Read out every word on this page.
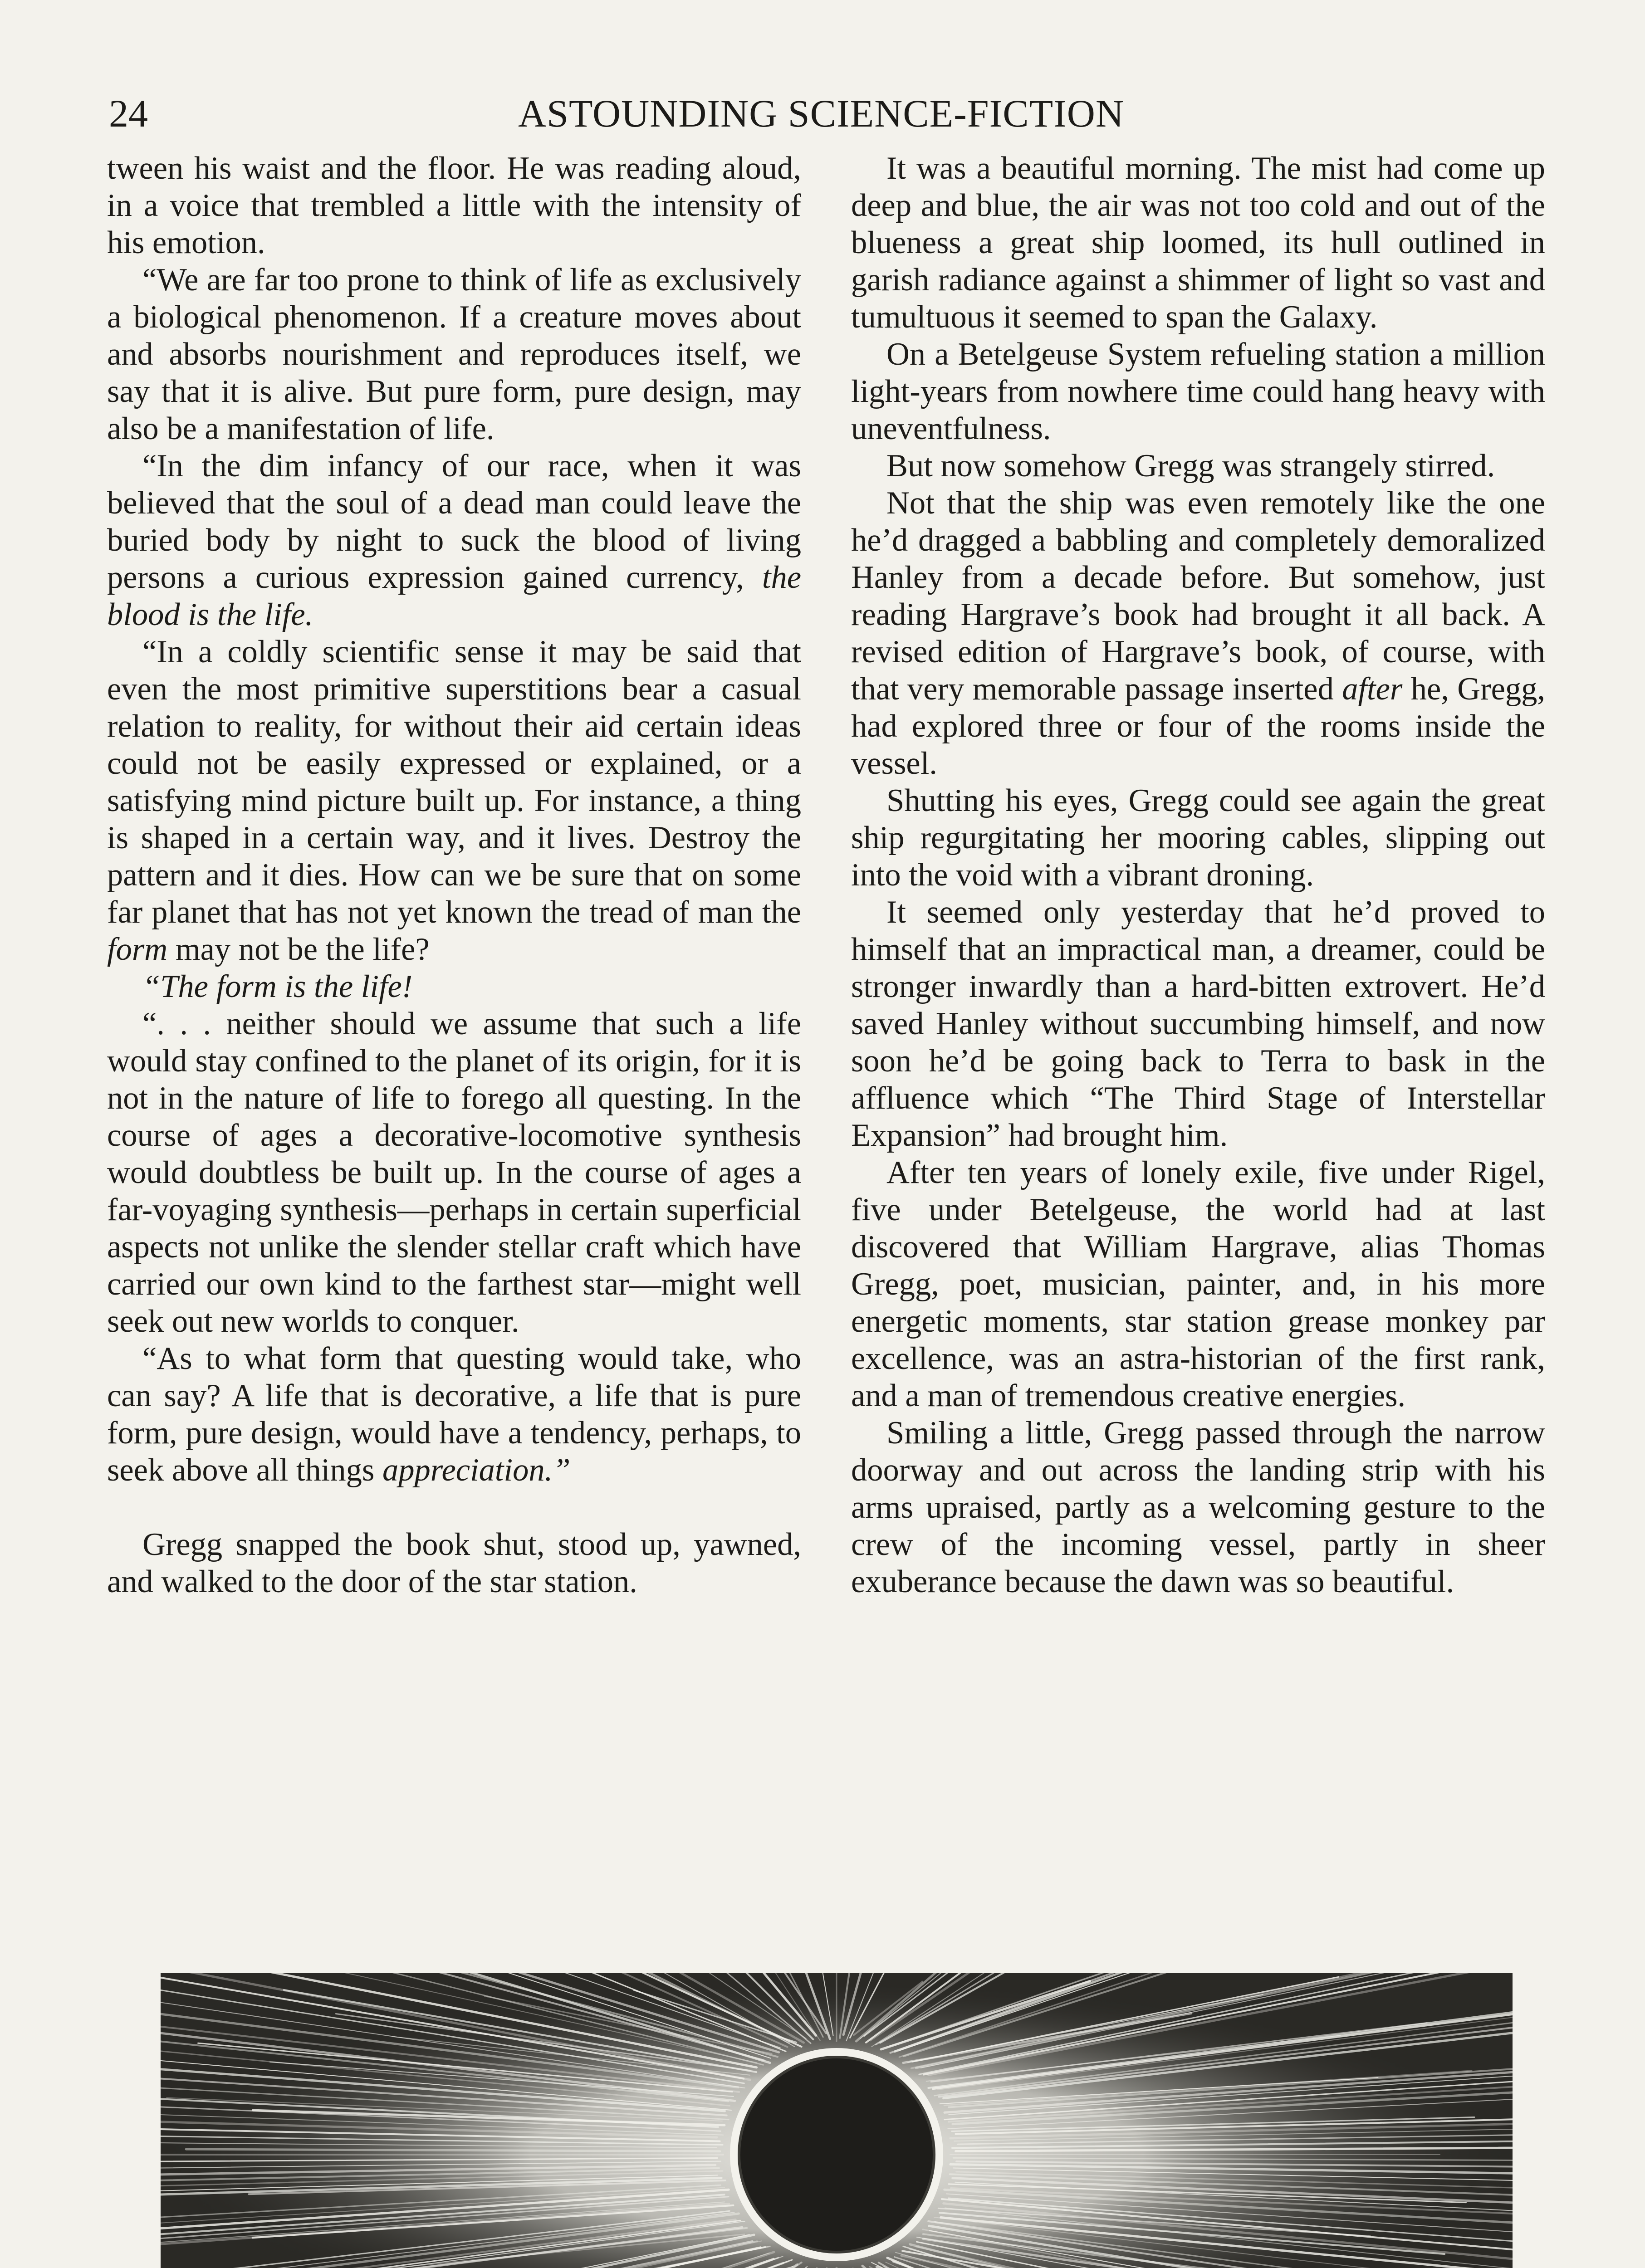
24	ASTOUNDING SCIENCE-FICTION

tween his waist and the floor. He was reading aloud, in a voice that trembled a little with the intensity of his emotion.

“We are far too prone to think of life as exclusively a biological phenomenon. If a creature moves about and absorbs nourishment and reproduces itself, we say that it is alive. But pure form, pure design, may also be a manifestation of life.

“In the dim infancy of our race, when it was believed that the soul of a dead man could leave the buried body by night to suck the blood of living persons a curious expression gained currency, the blood is the life.

“In a coldly scientific sense it may be said that even the most primitive superstitions bear a casual relation to reality, for without their aid certain ideas could not be easily expressed or explained, or a satisfying mind picture built up. For instance, a thing is shaped in a certain way, and it lives. Destroy the pattern and it dies. How can we be sure that on some far planet that has not yet known the tread of man the form may not be the life?

“The form is the life!

“. . . neither should we assume that such a life would stay confined to the planet of its origin, for it is not in the nature of life to forego all questing. In the course of ages a decorative-locomotive synthesis would doubtless be built up. In the course of ages a far-voyaging synthesis—perhaps in certain superficial aspects not unlike the slender stellar craft which have carried our own kind to the farthest star—might well seek out new worlds to conquer.

“As to what form that questing would take, who can say? A life that is decorative, a life that is pure form, pure design, would have a tendency, perhaps, to seek above all things appreciation.”

Gregg snapped the book shut, stood up, yawned, and walked to the door of the star station.

It was a beautiful morning. The mist had come up deep and blue, the air was not too cold and out of the blueness a great ship loomed, its hull outlined in garish radiance against a shimmer of light so vast and tumultuous it seemed to span the Galaxy.

On a Betelgeuse System refueling station a million light-years from nowhere time could hang heavy with uneventfulness.

But now somehow Gregg was strangely stirred.

Not that the ship was even remotely like the one he’d dragged a babbling and completely demoralized Hanley from a decade before. But somehow, just reading Hargrave’s book had brought it all back. A revised edition of Hargrave’s book, of course, with that very memorable passage inserted after he, Gregg, had explored three or four of the rooms inside the vessel.

Shutting his eyes, Gregg could see again the great ship regurgitating her mooring cables, slipping out into the void with a vibrant droning.

It seemed only yesterday that he’d proved to himself that an impractical man, a dreamer, could be stronger inwardly than a hard-bitten extrovert. He’d saved Hanley without succumbing himself, and now soon he’d be going back to Terra to bask in the affluence which “The Third Stage of Interstellar Expansion” had brought him.

After ten years of lonely exile, five under Rigel, five under Betelgeuse, the world had at last discovered that William Hargrave, alias Thomas Gregg, poet, musician, painter, and, in his more energetic moments, star station grease monkey par excellence, was an astra-historian of the first rank, and a man of tremendous creative energies.

Smiling a little, Gregg passed through the narrow doorway and out across the landing strip with his arms upraised, partly as a welcoming gesture to the crew of the incoming vessel, partly in sheer exuberance because the dawn was so beautiful.
